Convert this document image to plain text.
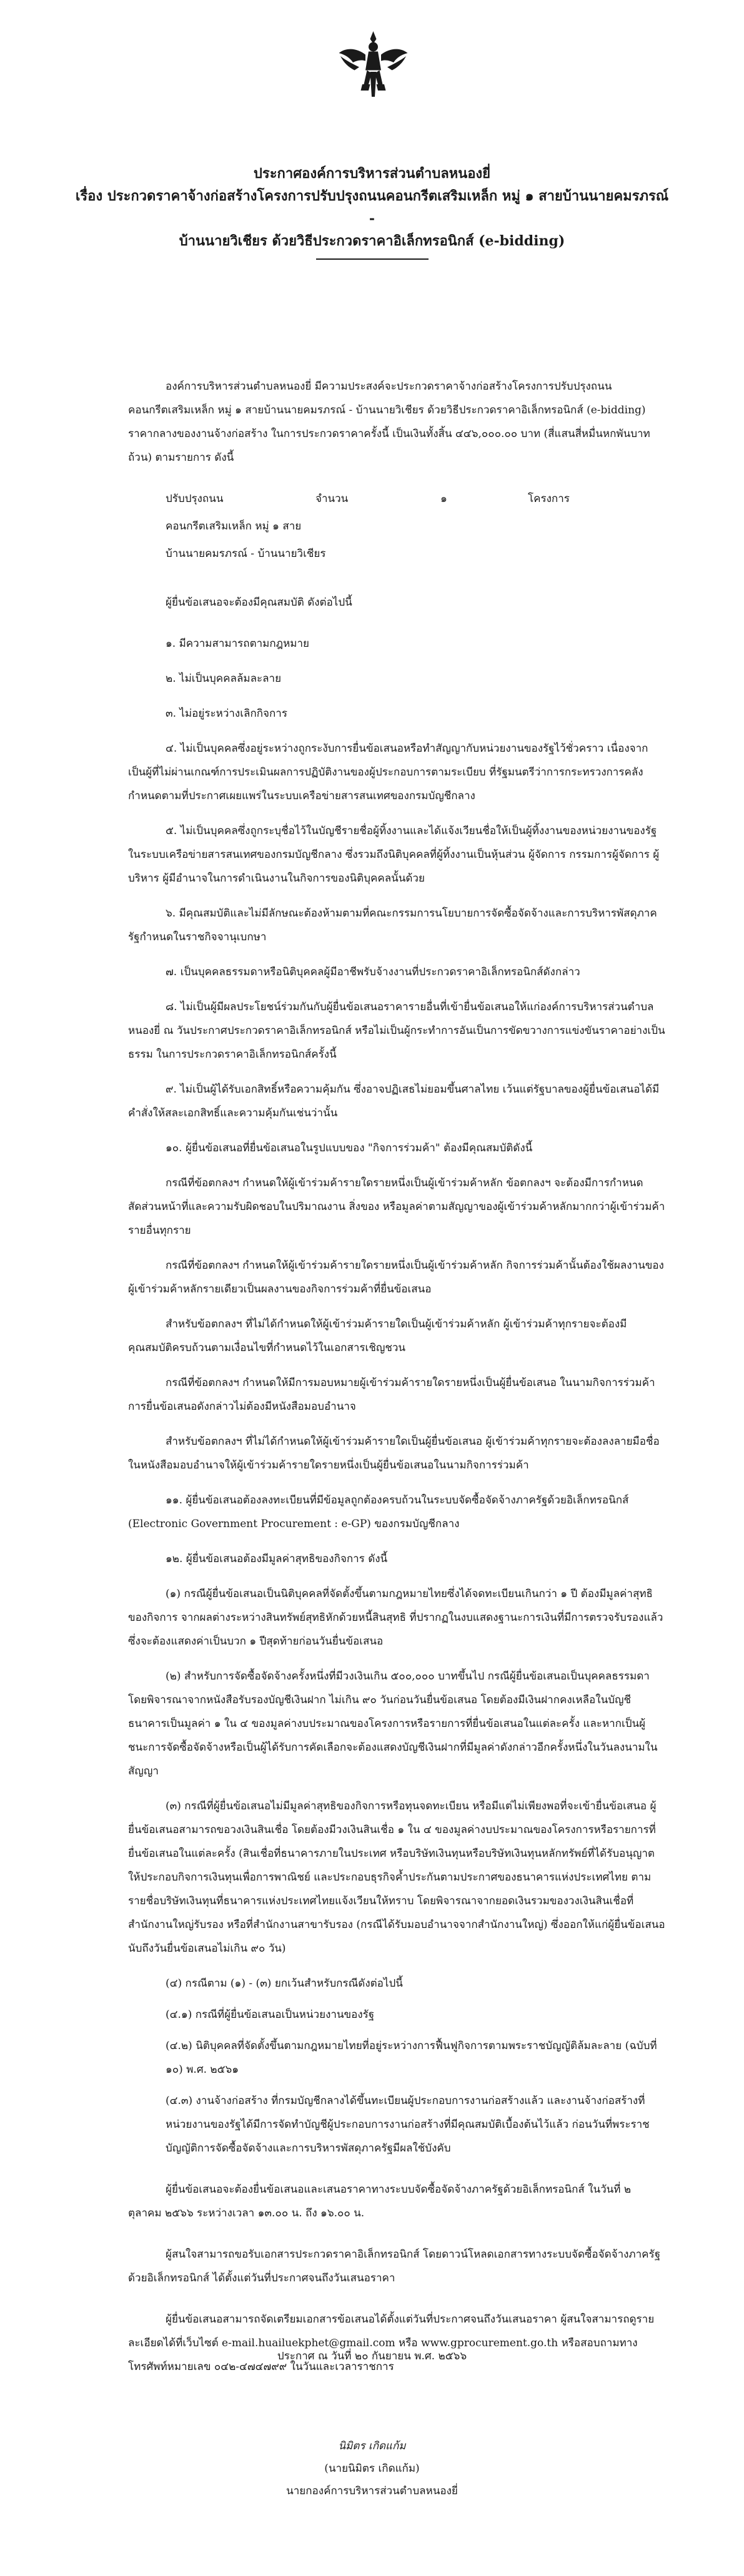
ประกาศองค์การบริหารส่วนตำบลหนองยี่
เรื่อง ประกวดราคาจ้างก่อสร้างโครงการปรับปรุงถนนคอนกรีตเสริมเหล็ก หมู่ ๑ สายบ้านนายคมรภรณ์ -
บ้านนายวิเชียร ด้วยวิธีประกวดราคาอิเล็กทรอนิกส์ (e-bidding)

องค์การบริหารส่วนตำบลหนองยี่ มีความประสงค์จะประกวดราคาจ้างก่อสร้างโครงการปรับปรุงถนนคอนกรีตเสริมเหล็ก หมู่ ๑ สายบ้านนายคมรภรณ์ - บ้านนายวิเชียร ด้วยวิธีประกวดราคาอิเล็กทรอนิกส์ (e-bidding) ราคากลางของงานจ้างก่อสร้าง ในการประกวดราคาครั้งนี้ เป็นเงินทั้งสิ้น ๔๔๖,๐๐๐.๐๐ บาท (สี่แสนสี่หมื่นหกพันบาทถ้วน) ตามรายการ ดังนี้

ปรับปรุงถนน	จำนวน	๑	โครงการ
คอนกรีตเสริมเหล็ก หมู่ ๑ สาย
บ้านนายคมรภรณ์ - บ้านนายวิเชียร

ผู้ยื่นข้อเสนอจะต้องมีคุณสมบัติ ดังต่อไปนี้

๑. มีความสามารถตามกฎหมาย

๒. ไม่เป็นบุคคลล้มละลาย

๓. ไม่อยู่ระหว่างเลิกกิจการ

๔. ไม่เป็นบุคคลซึ่งอยู่ระหว่างถูกระงับการยื่นข้อเสนอหรือทำสัญญากับหน่วยงานของรัฐไว้ชั่วคราว เนื่องจากเป็นผู้ที่ไม่ผ่านเกณฑ์การประเมินผลการปฏิบัติงานของผู้ประกอบการตามระเบียบ ที่รัฐมนตรีว่าการกระทรวงการคลังกำหนดตามที่ประกาศเผยแพร่ในระบบเครือข่ายสารสนเทศของกรมบัญชีกลาง

๕. ไม่เป็นบุคคลซึ่งถูกระบุชื่อไว้ในบัญชีรายชื่อผู้ทิ้งงานและได้แจ้งเวียนชื่อให้เป็นผู้ทิ้งงานของหน่วยงานของรัฐในระบบเครือข่ายสารสนเทศของกรมบัญชีกลาง ซึ่งรวมถึงนิติบุคคลที่ผู้ทิ้งงานเป็นหุ้นส่วน ผู้จัดการ กรรมการผู้จัดการ ผู้บริหาร ผู้มีอำนาจในการดำเนินงานในกิจการของนิติบุคคลนั้นด้วย

๖. มีคุณสมบัติและไม่มีลักษณะต้องห้ามตามที่คณะกรรมการนโยบายการจัดซื้อจัดจ้างและการบริหารพัสดุภาครัฐกำหนดในราชกิจจานุเบกษา

๗. เป็นบุคคลธรรมดาหรือนิติบุคคลผู้มีอาชีพรับจ้างงานที่ประกวดราคาอิเล็กทรอนิกส์ดังกล่าว

๘. ไม่เป็นผู้มีผลประโยชน์ร่วมกันกับผู้ยื่นข้อเสนอราคารายอื่นที่เข้ายื่นข้อเสนอให้แก่องค์การบริหารส่วนตำบลหนองยี่ ณ วันประกาศประกวดราคาอิเล็กทรอนิกส์ หรือไม่เป็นผู้กระทำการอันเป็นการขัดขวางการแข่งขันราคาอย่างเป็นธรรม ในการประกวดราคาอิเล็กทรอนิกส์ครั้งนี้

๙. ไม่เป็นผู้ได้รับเอกสิทธิ์หรือความคุ้มกัน ซึ่งอาจปฏิเสธไม่ยอมขึ้นศาลไทย เว้นแต่รัฐบาลของผู้ยื่นข้อเสนอได้มีคำสั่งให้สละเอกสิทธิ์และความคุ้มกันเช่นว่านั้น

๑๐. ผู้ยื่นข้อเสนอที่ยื่นข้อเสนอในรูปแบบของ "กิจการร่วมค้า" ต้องมีคุณสมบัติดังนี้

กรณีที่ข้อตกลงฯ กำหนดให้ผู้เข้าร่วมค้ารายใดรายหนึ่งเป็นผู้เข้าร่วมค้าหลัก ข้อตกลงฯ จะต้องมีการกำหนดสัดส่วนหน้าที่และความรับผิดชอบในปริมาณงาน สิ่งของ หรือมูลค่าตามสัญญาของผู้เข้าร่วมค้าหลักมากกว่าผู้เข้าร่วมค้ารายอื่นทุกราย

กรณีที่ข้อตกลงฯ กำหนดให้ผู้เข้าร่วมค้ารายใดรายหนึ่งเป็นผู้เข้าร่วมค้าหลัก กิจการร่วมค้านั้นต้องใช้ผลงานของผู้เข้าร่วมค้าหลักรายเดียวเป็นผลงานของกิจการร่วมค้าที่ยื่นข้อเสนอ

สำหรับข้อตกลงฯ ที่ไม่ได้กำหนดให้ผู้เข้าร่วมค้ารายใดเป็นผู้เข้าร่วมค้าหลัก ผู้เข้าร่วมค้าทุกรายจะต้องมีคุณสมบัติครบถ้วนตามเงื่อนไขที่กำหนดไว้ในเอกสารเชิญชวน

กรณีที่ข้อตกลงฯ กำหนดให้มีการมอบหมายผู้เข้าร่วมค้ารายใดรายหนึ่งเป็นผู้ยื่นข้อเสนอ ในนามกิจการร่วมค้า การยื่นข้อเสนอดังกล่าวไม่ต้องมีหนังสือมอบอำนาจ

สำหรับข้อตกลงฯ ที่ไม่ได้กำหนดให้ผู้เข้าร่วมค้ารายใดเป็นผู้ยื่นข้อเสนอ ผู้เข้าร่วมค้าทุกรายจะต้องลงลายมือชื่อในหนังสือมอบอำนาจให้ผู้เข้าร่วมค้ารายใดรายหนึ่งเป็นผู้ยื่นข้อเสนอในนามกิจการร่วมค้า

๑๑. ผู้ยื่นข้อเสนอต้องลงทะเบียนที่มีข้อมูลถูกต้องครบถ้วนในระบบจัดซื้อจัดจ้างภาครัฐด้วยอิเล็กทรอนิกส์ (Electronic Government Procurement : e-GP) ของกรมบัญชีกลาง

๑๒. ผู้ยื่นข้อเสนอต้องมีมูลค่าสุทธิของกิจการ ดังนี้

(๑) กรณีผู้ยื่นข้อเสนอเป็นนิติบุคคลที่จัดตั้งขึ้นตามกฎหมายไทยซึ่งได้จดทะเบียนเกินกว่า ๑ ปี ต้องมีมูลค่าสุทธิของกิจการ จากผลต่างระหว่างสินทรัพย์สุทธิหักด้วยหนี้สินสุทธิ ที่ปรากฏในงบแสดงฐานะการเงินที่มีการตรวจรับรองแล้ว ซึ่งจะต้องแสดงค่าเป็นบวก ๑ ปีสุดท้ายก่อนวันยื่นข้อเสนอ

(๒) สำหรับการจัดซื้อจัดจ้างครั้งหนึ่งที่มีวงเงินเกิน ๕๐๐,๐๐๐ บาทขึ้นไป กรณีผู้ยื่นข้อเสนอเป็นบุคคลธรรมดา โดยพิจารณาจากหนังสือรับรองบัญชีเงินฝาก ไม่เกิน ๙๐ วันก่อนวันยื่นข้อเสนอ โดยต้องมีเงินฝากคงเหลือในบัญชีธนาคารเป็นมูลค่า ๑ ใน ๔ ของมูลค่างบประมาณของโครงการหรือรายการที่ยื่นข้อเสนอในแต่ละครั้ง และหากเป็นผู้ชนะการจัดซื้อจัดจ้างหรือเป็นผู้ได้รับการคัดเลือกจะต้องแสดงบัญชีเงินฝากที่มีมูลค่าดังกล่าวอีกครั้งหนึ่งในวันลงนามในสัญญา

(๓) กรณีที่ผู้ยื่นข้อเสนอไม่มีมูลค่าสุทธิของกิจการหรือทุนจดทะเบียน หรือมีแต่ไม่เพียงพอที่จะเข้ายื่นข้อเสนอ ผู้ยื่นข้อเสนอสามารถขอวงเงินสินเชื่อ โดยต้องมีวงเงินสินเชื่อ ๑ ใน ๔ ของมูลค่างบประมาณของโครงการหรือรายการที่ยื่นข้อเสนอในแต่ละครั้ง (สินเชื่อที่ธนาคารภายในประเทศ หรือบริษัทเงินทุนหรือบริษัทเงินทุนหลักทรัพย์ที่ได้รับอนุญาตให้ประกอบกิจการเงินทุนเพื่อการพาณิชย์ และประกอบธุรกิจค้ำประกันตามประกาศของธนาคารแห่งประเทศไทย ตามรายชื่อบริษัทเงินทุนที่ธนาคารแห่งประเทศไทยแจ้งเวียนให้ทราบ โดยพิจารณาจากยอดเงินรวมของวงเงินสินเชื่อที่สำนักงานใหญ่รับรอง หรือที่สำนักงานสาขารับรอง (กรณีได้รับมอบอำนาจจากสำนักงานใหญ่) ซึ่งออกให้แก่ผู้ยื่นข้อเสนอ นับถึงวันยื่นข้อเสนอไม่เกิน ๙๐ วัน)

(๔) กรณีตาม (๑) - (๓) ยกเว้นสำหรับกรณีดังต่อไปนี้

(๔.๑) กรณีที่ผู้ยื่นข้อเสนอเป็นหน่วยงานของรัฐ

(๔.๒) นิติบุคคลที่จัดตั้งขึ้นตามกฎหมายไทยที่อยู่ระหว่างการฟื้นฟูกิจการตามพระราชบัญญัติล้มละลาย (ฉบับที่ ๑๐) พ.ศ. ๒๕๖๑

(๔.๓) งานจ้างก่อสร้าง ที่กรมบัญชีกลางได้ขึ้นทะเบียนผู้ประกอบการงานก่อสร้างแล้ว และงานจ้างก่อสร้างที่หน่วยงานของรัฐได้มีการจัดทำบัญชีผู้ประกอบการงานก่อสร้างที่มีคุณสมบัติเบื้องต้นไว้แล้ว ก่อนวันที่พระราชบัญญัติการจัดซื้อจัดจ้างและการบริหารพัสดุภาครัฐมีผลใช้บังคับ

ผู้ยื่นข้อเสนอจะต้องยื่นข้อเสนอและเสนอราคาทางระบบจัดซื้อจัดจ้างภาครัฐด้วยอิเล็กทรอนิกส์ ในวันที่ ๒ ตุลาคม ๒๕๖๖ ระหว่างเวลา ๑๓.๐๐ น. ถึง ๑๖.๐๐ น.

ผู้สนใจสามารถขอรับเอกสารประกวดราคาอิเล็กทรอนิกส์ โดยดาวน์โหลดเอกสารทางระบบจัดซื้อจัดจ้างภาครัฐด้วยอิเล็กทรอนิกส์ ได้ตั้งแต่วันที่ประกาศจนถึงวันเสนอราคา

ผู้ยื่นข้อเสนอสามารถจัดเตรียมเอกสารข้อเสนอได้ตั้งแต่วันที่ประกาศจนถึงวันเสนอราคา ผู้สนใจสามารถดูรายละเอียดได้ที่เว็บไซต์ e-mail.huailuekphet@gmail.com หรือ www.gprocurement.go.th หรือสอบถามทางโทรศัพท์หมายเลข ๐๔๒-๔๗๔๗๙๙ ในวันและเวลาราชการ

ประกาศ ณ วันที่ ๒๐ กันยายน พ.ศ. ๒๕๖๖
นิมิตร เกิดแก้ม
(นายนิมิตร เกิดแก้ม)
นายกองค์การบริหารส่วนตำบลหนองยี่
